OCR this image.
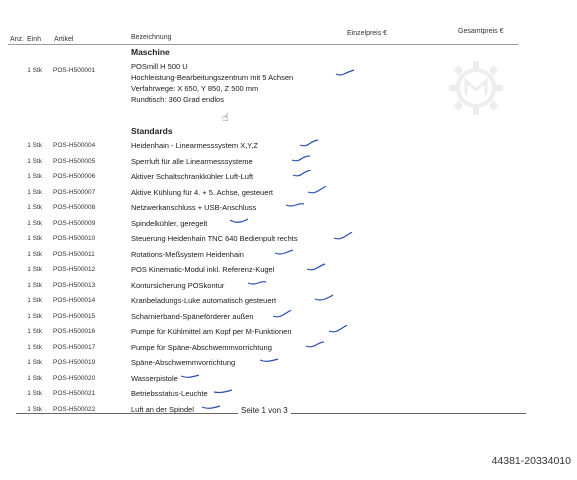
Anz. Einh Artikel	Bezeichnung
Einzelpreis €	Gesamtpreis €
Maschine
1 Stk POS-H500001	POSmill H 500 U
Hochleistung-Bearbeitungszentrum mit 5 Achsen
Verfahrwege: X 650, Y 850, Z 500 mm
Rundtisch: 360 Grad endlos
☝
Standards
1 Stk POS-H500004	Heidenhain - Linearmesssystem X,Y,Z
1 Stk POS-H500005	Sperrluft für alle Linearmesssysteme
1 Stk POS-H500006	Aktiver Schaltschrankkühler Luft-Luft
1 Stk POS-H500007	Aktive Kühlung für 4. + 5. Achse, gesteuert
1 Stk POS-H500008	Netzwerkanschluss + USB-Anschluss
1 Stk POS-H500009	Spindelkühler, geregelt
1 Stk POS-H500010	Steuerung Heidenhain TNC 640 Bedienpult rechts
1 Stk POS-H500011	Rotations-Meßsystem Heidenhain
1 Stk POS-H500012	POS Kinematic-Modul inkl. Referenz-Kugel
1 Stk POS-H500013	Kontursicherung POSkontur
1 Stk POS-H500014	Kranbeladungs-Luke automatisch gesteuert
1 Stk POS-H500015	Scharnierband-Späneförderer außen
1 Stk POS-H500016	Pumpe für Kühlmittel am Kopf per M-Funktionen
1 Stk POS-H500017	Pumpe für Späne-Abschwemmvorrichtung
1 Stk POS-H500019	Späne-Abschwemmvorrichtung
1 Stk POS-H500020	Wasserpistole
1 Stk POS-H500021	Betriebsstatus-Leuchte
1 Stk POS-H500022	Luft an der Spindel	Seite 1 von 3
44381-20334010
